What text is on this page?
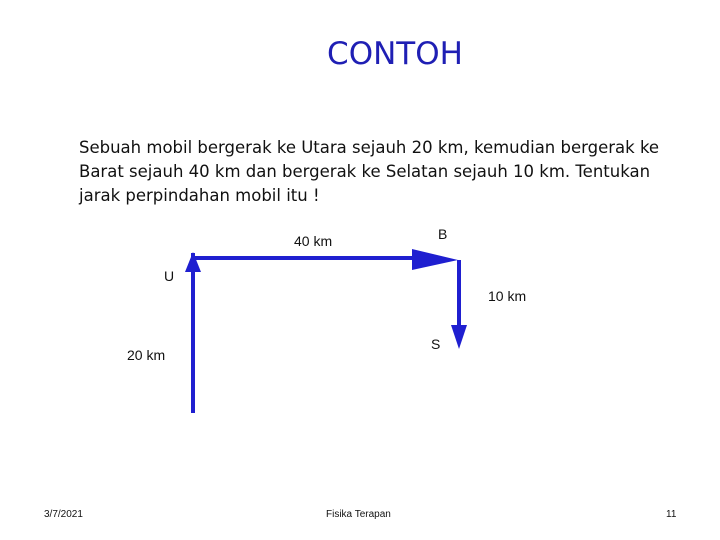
CONTOH
Sebuah mobil bergerak ke Utara sejauh 20 km, kemudian bergerak ke Barat sejauh 40 km dan bergerak ke Selatan sejauh 10 km. Tentukan jarak perpindahan mobil itu !
40 km	B
U
10 km
S
20 km
3/7/2021	Fisika Terapan	11
